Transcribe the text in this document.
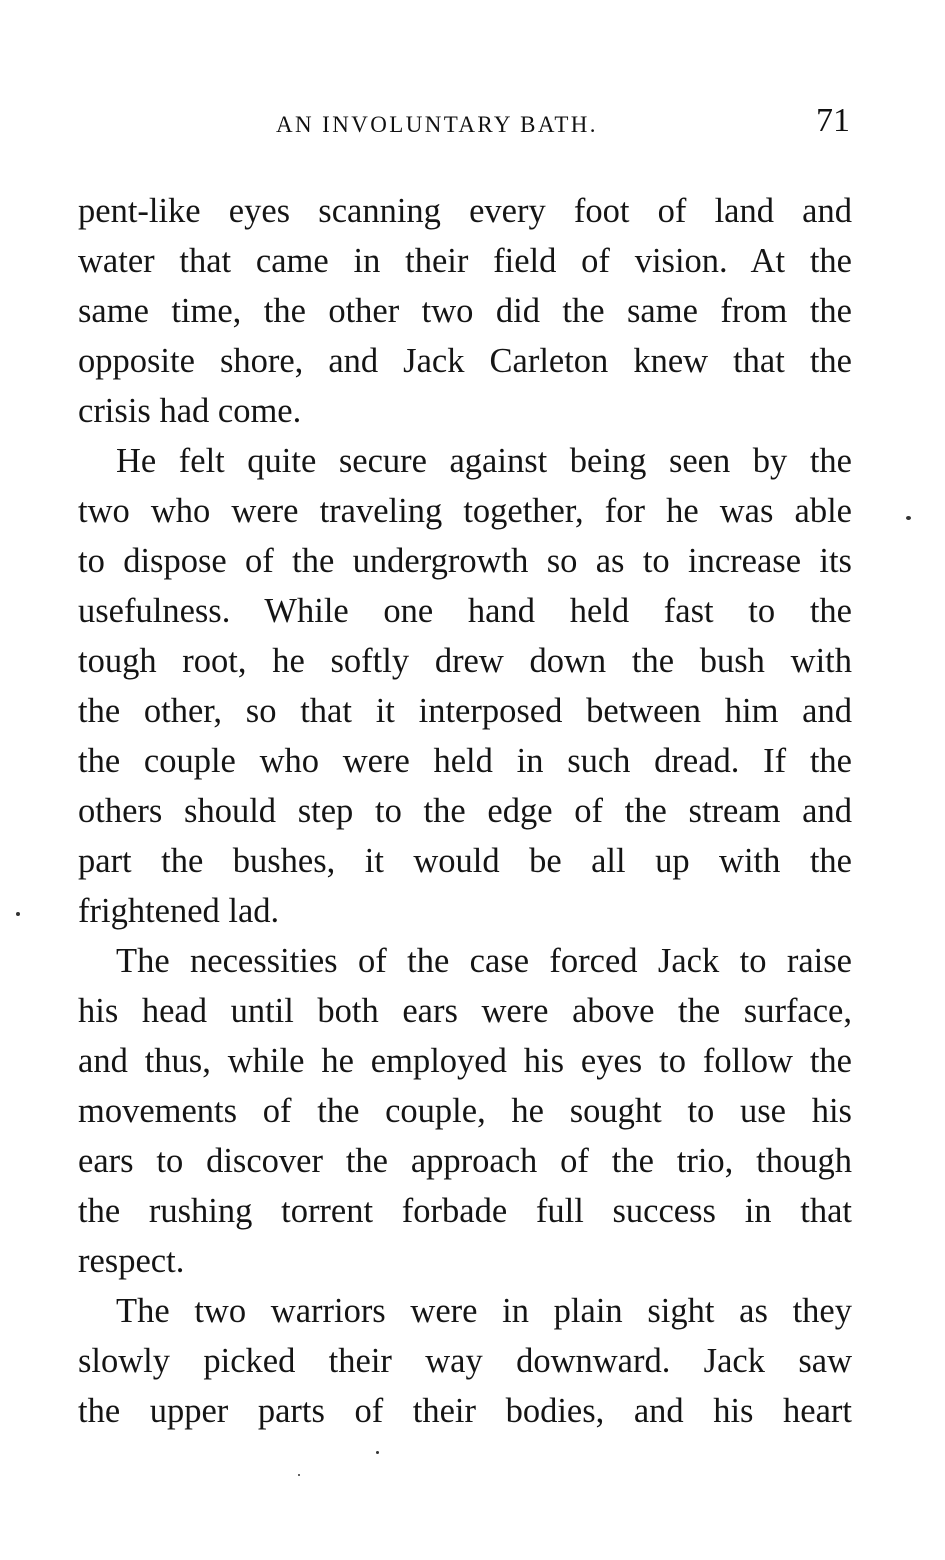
AN INVOLUNTARY BATH.	71
pent-like eyes scanning every foot of land and
water that came in their field of vision. At the
same time, the other two did the same from the
opposite shore, and Jack Carleton knew that the
crisis had come.
He felt quite secure against being seen by the
two who were traveling together, for he was able
to dispose of the undergrowth so as to increase its
usefulness. While one hand held fast to the
tough root, he softly drew down the bush with
the other, so that it interposed between him and
the couple who were held in such dread. If the
others should step to the edge of the stream and
part the bushes, it would be all up with the
frightened lad.
The necessities of the case forced Jack to raise
his head until both ears were above the surface,
and thus, while he employed his eyes to follow the
movements of the couple, he sought to use his
ears to discover the approach of the trio, though
the rushing torrent forbade full success in that
respect.
The two warriors were in plain sight as they
slowly picked their way downward. Jack saw
the upper parts of their bodies, and his heart
